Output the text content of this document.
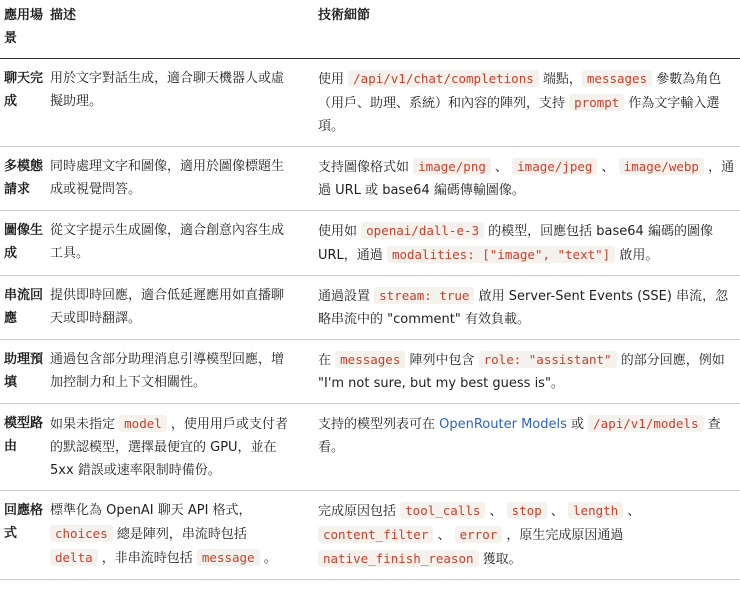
應用場景	描述	技術細節
聊天完成	用於文字對話生成，適合聊天機器人或虛擬助理。	使用 /api/v1/chat/completions 端點， messages 參數為角色（用戶、助理、系統）和內容的陣列，支持 prompt 作為文字輸入選項。
多模態請求	同時處理文字和圖像，適用於圖像標題生成或視覺問答。	支持圖像格式如 image/png 、 image/jpeg 、 image/webp ，通過 URL 或 base64 編碼傳輸圖像。
圖像生成	從文字提示生成圖像，適合創意內容生成工具。	使用如 openai/dall-e-3 的模型，回應包括 base64 編碼的圖像 URL，通過 modalities: ["image", "text"] 啟用。
串流回應	提供即時回應，適合低延遲應用如直播聊天或即時翻譯。	通過設置 stream: true 啟用 Server-Sent Events (SSE) 串流，忽略串流中的 "comment" 有效負載。
助理預填	通過包含部分助理消息引導模型回應，增加控制力和上下文相關性。	在 messages 陣列中包含 role: "assistant" 的部分回應，例如 "I'm not sure, but my best guess is"。
模型路由	如果未指定 model ，使用用戶或支付者的默認模型，選擇最便宜的 GPU，並在 5xx 錯誤或速率限制時備份。	支持的模型列表可在 OpenRouter Models 或 /api/v1/models 查看。
回應格式	標準化為 OpenAI 聊天 API 格式， choices 總是陣列，串流時包括 delta ，非串流時包括 message 。	完成原因包括 tool_calls 、 stop 、 length 、 content_filter 、 error ，原生完成原因通過 native_finish_reason 獲取。
